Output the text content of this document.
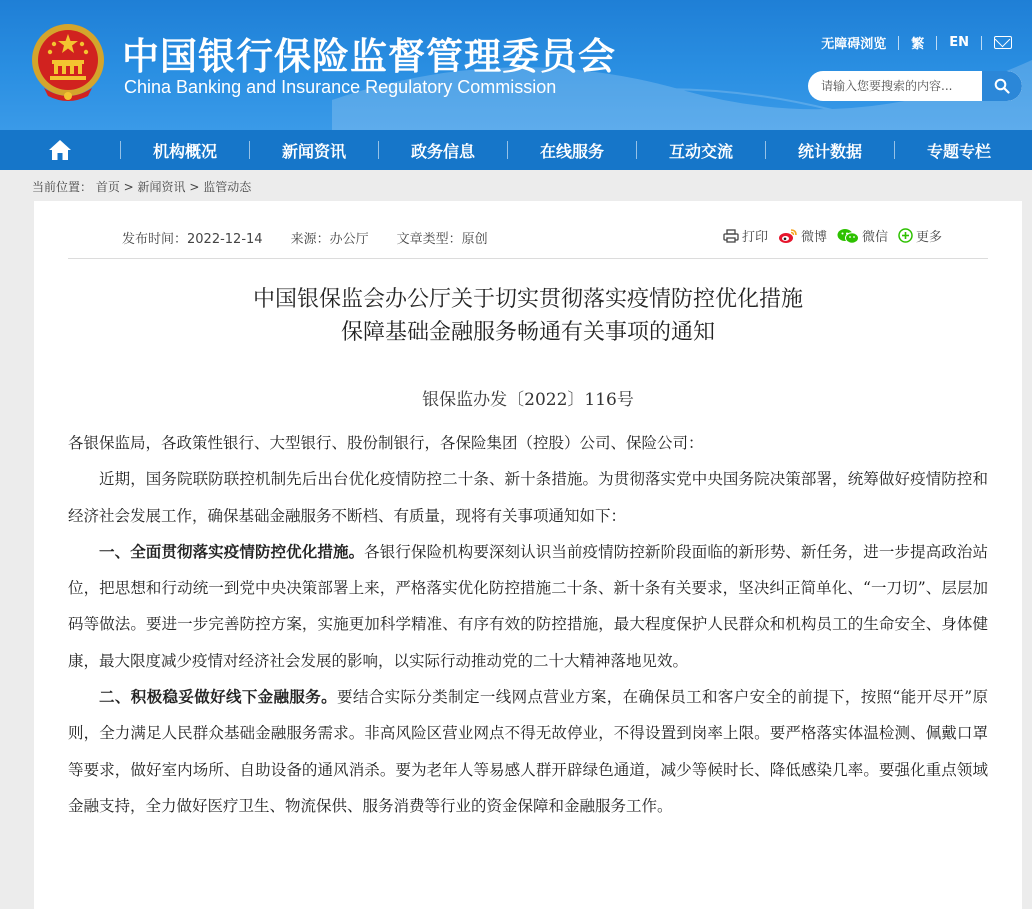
中国银行保险监督管理委员会
China Banking and Insurance Regulatory Commission
无障碍浏览 繁 EN
请输入您要搜索的内容...
机构概况	新闻资讯	政务信息	在线服务	互动交流	统计数据	专题专栏
当前位置： 首页 > 新闻资讯 > 监管动态
发布时间：2022-12-14 来源：办公厅 文章类型：原创	打印	微博	微信 更多
中国银保监会办公厅关于切实贯彻落实疫情防控优化措施
保障基础金融服务畅通有关事项的通知
银保监办发〔2022〕116号

各银保监局，各政策性银行、大型银行、股份制银行，各保险集团（控股）公司、保险公司：

近期，国务院联防联控机制先后出台优化疫情防控二十条、新十条措施。为贯彻落实党中央国务院决策部署，统筹做好疫情防控和经济社会发展工作，确保基础金融服务不断档、有质量，现将有关事项通知如下：

一、全面贯彻落实疫情防控优化措施。各银行保险机构要深刻认识当前疫情防控新阶段面临的新形势、新任务，进一步提高政治站位，把思想和行动统一到党中央决策部署上来，严格落实优化防控措施二十条、新十条有关要求，坚决纠正简单化、“一刀切”、层层加码等做法。要进一步完善防控方案，实施更加科学精准、有序有效的防控措施，最大程度保护人民群众和机构员工的生命安全、身体健康，最大限度减少疫情对经济社会发展的影响，以实际行动推动党的二十大精神落地见效。

二、积极稳妥做好线下金融服务。要结合实际分类制定一线网点营业方案，在确保员工和客户安全的前提下，按照“能开尽开”原则，全力满足人民群众基础金融服务需求。非高风险区营业网点不得无故停业，不得设置到岗率上限。要严格落实体温检测、佩戴口罩等要求，做好室内场所、自助设备的通风消杀。要为老年人等易感人群开辟绿色通道，减少等候时长、降低感染几率。要强化重点领域金融支持，全力做好医疗卫生、物流保供、服务消费等行业的资金保障和金融服务工作。
